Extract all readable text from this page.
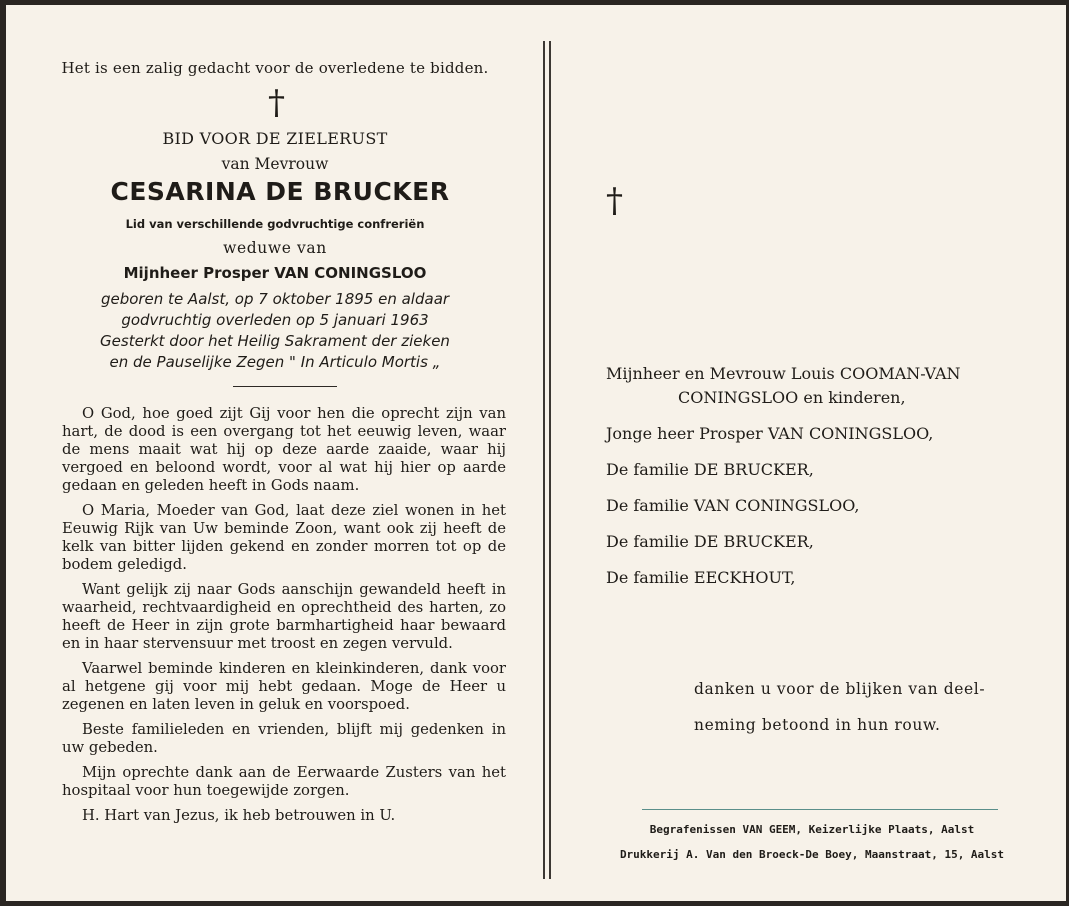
Het is een zalig gedacht voor de overledene te bidden.
†
BID VOOR DE ZIELERUST
van Mevrouw
CESARINA DE BRUCKER
Lid van verschillende godvruchtige confreriën
weduwe van
Mijnheer Prosper VAN CONINGSLOO
geboren te Aalst, op 7 oktober 1895 en aldaar
godvruchtig overleden op 5 januari 1963
Gesterkt door het Heilig Sakrament der zieken
en de Pauselijke Zegen " In Articulo Mortis „

O God, hoe goed zijt Gij voor hen die oprecht zijn van hart, de dood is een overgang tot het eeuwig leven, waar de mens maait wat hij op deze aarde zaaide, waar hij vergoed en beloond wordt, voor al wat hij hier op aarde gedaan en geleden heeft in Gods naam.

O Maria, Moeder van God, laat deze ziel wonen in het Eeuwig Rijk van Uw beminde Zoon, want ook zij heeft de kelk van bitter lijden gekend en zonder morren tot op de bodem geledigd.

Want gelijk zij naar Gods aanschijn gewandeld heeft in waarheid, rechtvaardigheid en oprechtheid des harten, zo heeft de Heer in zijn grote barmhartigheid haar bewaard en in haar stervensuur met troost en zegen vervuld.

Vaarwel beminde kinderen en kleinkinderen, dank voor al hetgene gij voor mij hebt gedaan. Moge de Heer u zegenen en laten leven in geluk en voorspoed.

Beste familieleden en vrienden, blijft mij gedenken in uw gebeden.

Mijn oprechte dank aan de Eerwaarde Zusters van het hospitaal voor hun toegewijde zorgen.

H. Hart van Jezus, ik heb betrouwen in U.

†
Mijnheer en Mevrouw Louis COOMAN-VAN
CONINGSLOO en kinderen,
Jonge heer Prosper VAN CONINGSLOO,
De familie DE BRUCKER,
De familie VAN CONINGSLOO,
De familie DE BRUCKER,
De familie EECKHOUT,
danken u voor de blijken van deel-
neming betoond in hun rouw.
Begrafenissen VAN GEEM, Keizerlijke Plaats, Aalst
Drukkerij A. Van den Broeck-De Boey, Maanstraat, 15, Aalst
